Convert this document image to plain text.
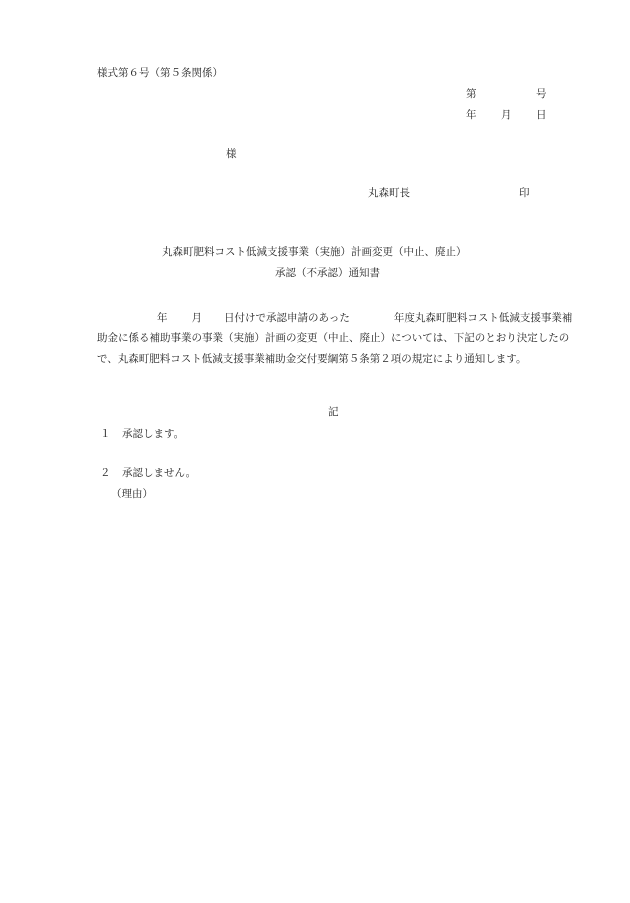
様式第６号（第５条関係）
第	号
年 月 日
様
丸森町長	印
丸森町肥料コスト低減支援事業（実施）計画変更（中止、廃止）
承認（不承認）通知書
年 月 日付けで承認申請のあった	年度丸森町肥料コスト低減支援事業補助金に係る補助事業の事業（実施）計画の変更（中止、廃止）については、下記のとおり決定したので、丸森町肥料コスト低減支援事業補助金交付要綱第５条第２項の規定により通知します。
記
１ 承認します。
２ 承認しません。
（理由）
